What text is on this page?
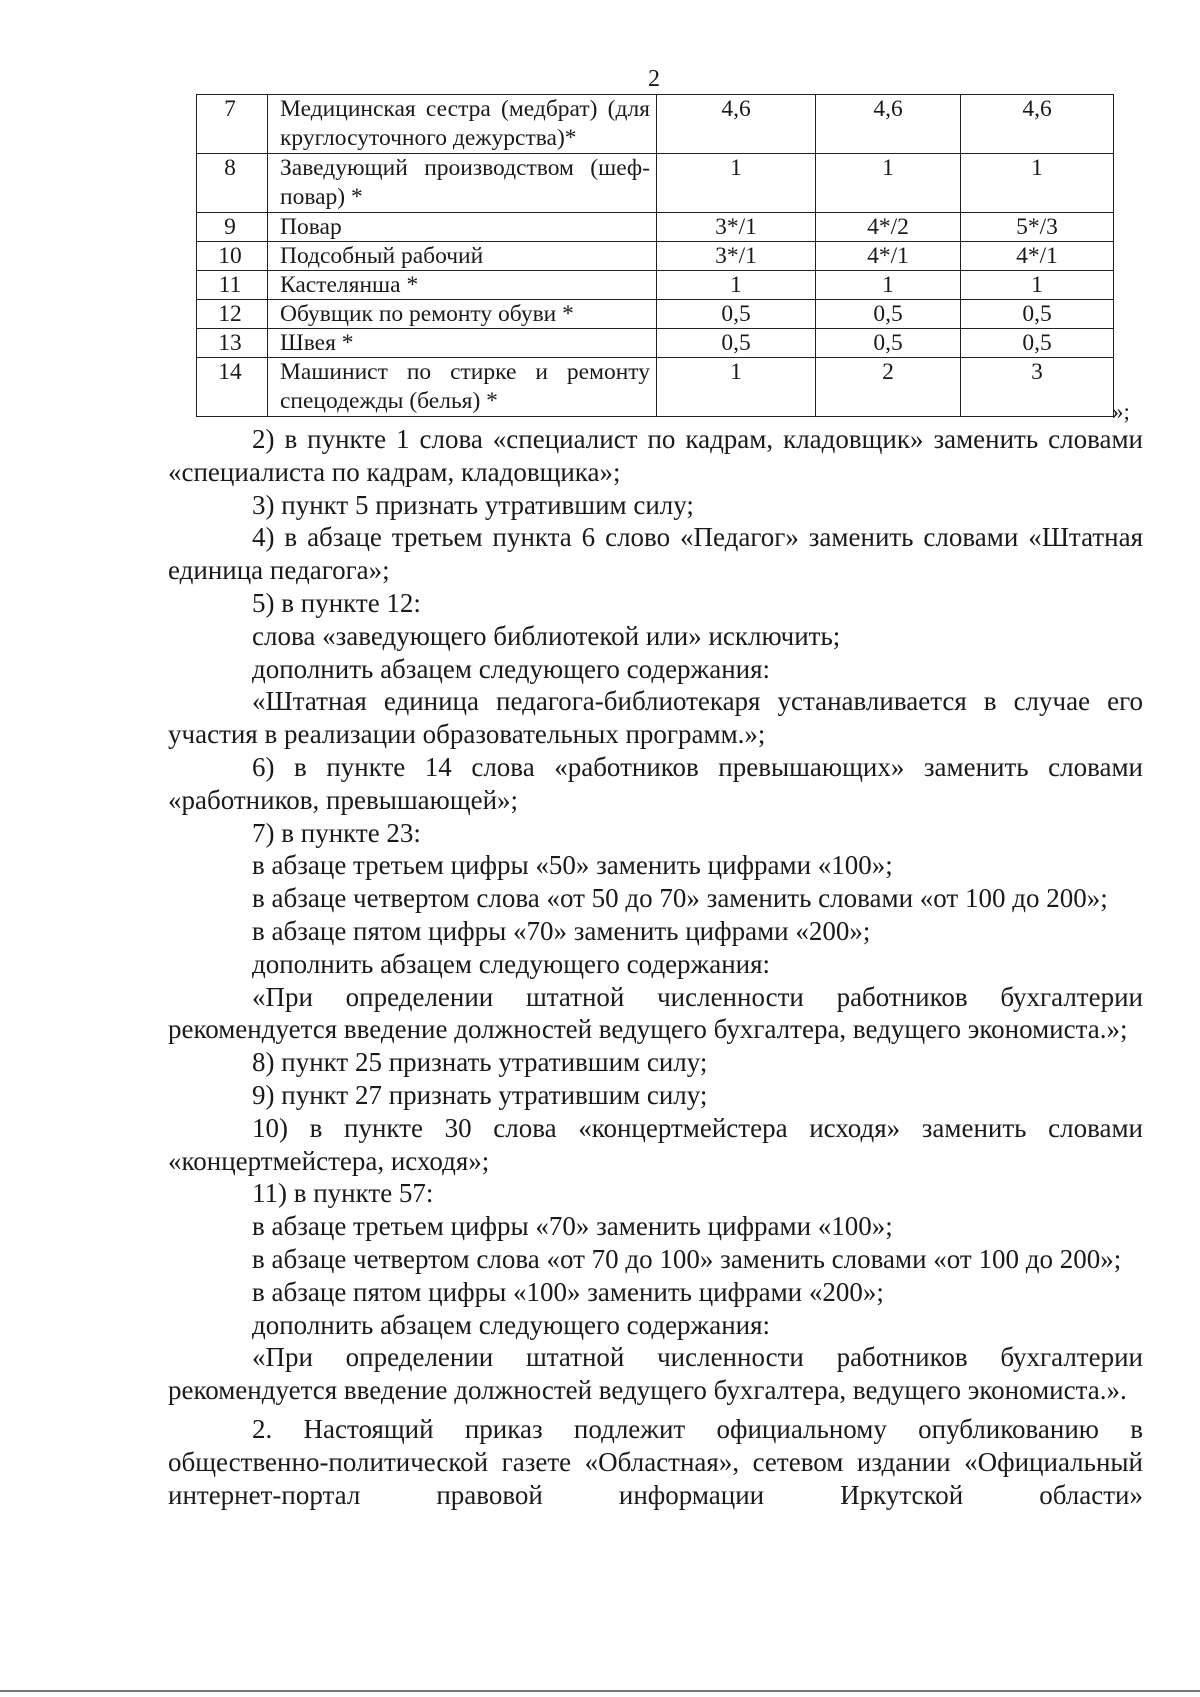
2
7	Медицинская сестра (медбрат) (для круглосуточного дежурства)*	4,6	4,6	4,6
8	Заведующий производством (шеф-повар) *	1	1	1
9	Повар	3*/1	4*/2	5*/3
10	Подсобный рабочий	3*/1	4*/1	4*/1
11	Кастелянша *	1	1	1
12	Обувщик по ремонту обуви *	0,5	0,5	0,5
13	Швея *	0,5	0,5	0,5
14	Машинист по стирке и ремонту спецодежды (белья) *	1	2	3
»;

2) в пункте 1 слова «специалист по кадрам, кладовщик» заменить словами «специалиста по кадрам, кладовщика»;

3) пункт 5 признать утратившим силу;

4) в абзаце третьем пункта 6 слово «Педагог» заменить словами «Штатная единица педагога»;

5) в пункте 12:

слова «заведующего библиотекой или» исключить;

дополнить абзацем следующего содержания:

«Штатная единица педагога-библиотекаря устанавливается в случае его участия в реализации образовательных программ.»;

6) в пункте 14 слова «работников превышающих» заменить словами «работников, превышающей»;

7) в пункте 23:

в абзаце третьем цифры «50» заменить цифрами «100»;

в абзаце четвертом слова «от 50 до 70» заменить словами «от 100 до 200»;

в абзаце пятом цифры «70» заменить цифрами «200»;

дополнить абзацем следующего содержания:

«При определении штатной численности работников бухгалтерии рекомендуется введение должностей ведущего бухгалтера, ведущего экономиста.»;

8) пункт 25 признать утратившим силу;

9) пункт 27 признать утратившим силу;

10) в пункте 30 слова «концертмейстера исходя» заменить словами «концертмейстера, исходя»;

11) в пункте 57:

в абзаце третьем цифры «70» заменить цифрами «100»;

в абзаце четвертом слова «от 70 до 100» заменить словами «от 100 до 200»;

в абзаце пятом цифры «100» заменить цифрами «200»;

дополнить абзацем следующего содержания:

«При определении штатной численности работников бухгалтерии рекомендуется введение должностей ведущего бухгалтера, ведущего экономиста.».

2. Настоящий приказ подлежит официальному опубликованию в общественно-политической газете «Областная», сетевом издании «Официальный интернет-портал правовой информации Иркутской области»
